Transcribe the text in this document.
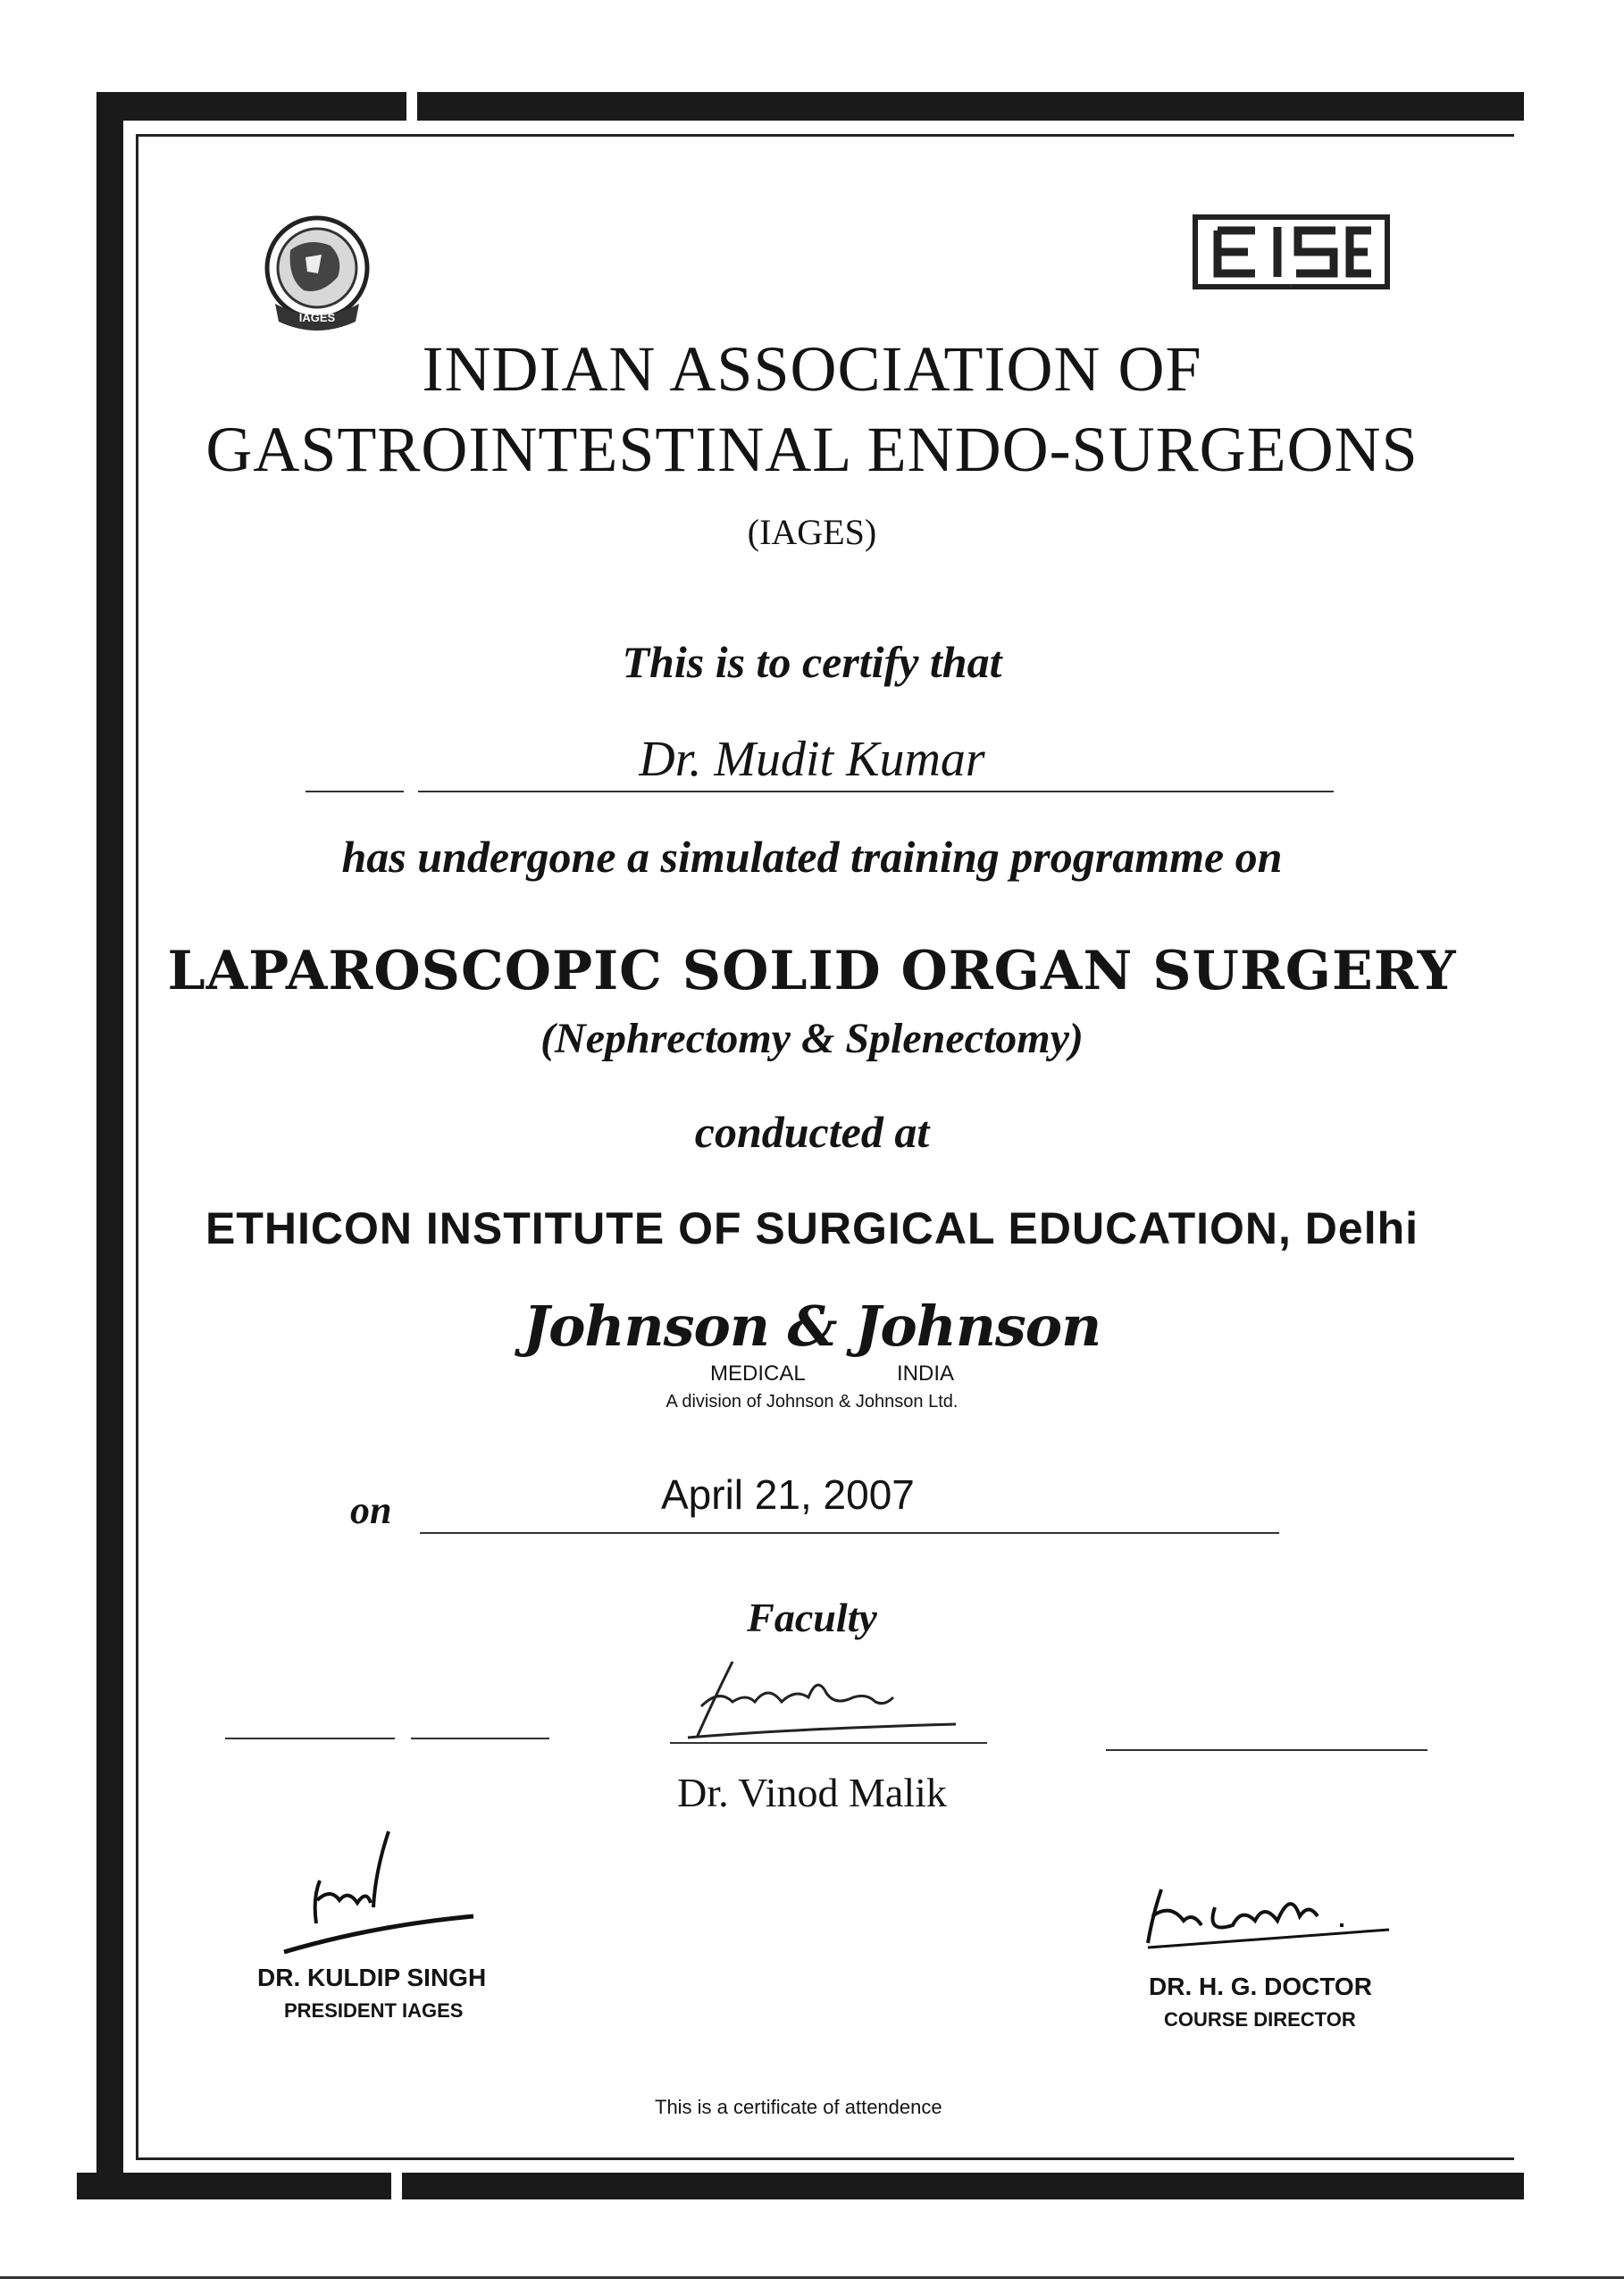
IAGES
EISE
INDIAN ASSOCIATION OF
GASTROINTESTINAL ENDO-SURGEONS
(IAGES)
This is to certify that
Dr. Mudit Kumar
has undergone a simulated training programme on
LAPAROSCOPIC SOLID ORGAN SURGERY
(Nephrectomy & Splenectomy)
conducted at
ETHICON INSTITUTE OF SURGICAL EDUCATION, Delhi
Johnson & Johnson
MEDICAL	INDIA
A division of Johnson & Johnson Ltd.
on	April 21, 2007
Faculty
Dr. Vinod Malik
DR. KULDIP SINGH
PRESIDENT IAGES
DR. H. G. DOCTOR
COURSE DIRECTOR
This is a certificate of attendence
